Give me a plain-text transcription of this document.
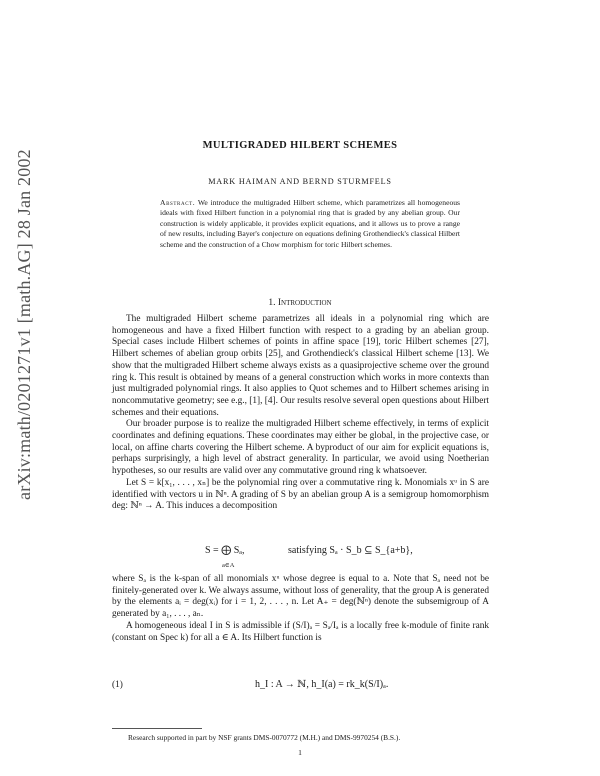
arXiv:math/0201271v1 [math.AG] 28 Jan 2002
MULTIGRADED HILBERT SCHEMES
MARK HAIMAN AND BERND STURMFELS
Abstract. We introduce the multigraded Hilbert scheme, which parametrizes all homogeneous ideals with fixed Hilbert function in a polynomial ring that is graded by any abelian group. Our construction is widely applicable, it provides explicit equations, and it allows us to prove a range of new results, including Bayer's conjecture on equations defining Grothendieck's classical Hilbert scheme and the construction of a Chow morphism for toric Hilbert schemes.
1. Introduction

The multigraded Hilbert scheme parametrizes all ideals in a polynomial ring which are homogeneous and have a fixed Hilbert function with respect to a grading by an abelian group. Special cases include Hilbert schemes of points in affine space [19], toric Hilbert schemes [27], Hilbert schemes of abelian group orbits [25], and Grothendieck's classical Hilbert scheme [13]. We show that the multigraded Hilbert scheme always exists as a quasiprojective scheme over the ground ring k. This result is obtained by means of a general construction which works in more contexts than just multigraded polynomial rings. It also applies to Quot schemes and to Hilbert schemes arising in noncommutative geometry; see e.g., [1], [4]. Our results resolve several open questions about Hilbert schemes and their equations.

Our broader purpose is to realize the multigraded Hilbert scheme effectively, in terms of explicit coordinates and defining equations. These coordinates may either be global, in the projective case, or local, on affine charts covering the Hilbert scheme. A byproduct of our aim for explicit equations is, perhaps surprisingly, a high level of abstract generality. In particular, we avoid using Noetherian hypotheses, so our results are valid over any commutative ground ring k whatsoever.

Let S = k[x₁, . . . , xₙ] be the polynomial ring over a commutative ring k. Monomials xᵘ in S are identified with vectors u in ℕⁿ. A grading of S by an abelian group A is a semigroup homomorphism deg: ℕⁿ → A. This induces a decomposition

S = ⨁ Sₐ,
a∈A
satisfying Sₐ · S_b ⊆ S_{a+b},

where Sₐ is the k-span of all monomials xᵘ whose degree is equal to a. Note that Sₐ need not be finitely-generated over k. We always assume, without loss of generality, that the group A is generated by the elements aᵢ = deg(xᵢ) for i = 1, 2, . . . , n. Let A₊ = deg(ℕⁿ) denote the subsemigroup of A generated by a₁, . . . , aₙ.

A homogeneous ideal I in S is admissible if (S/I)ₐ = Sₐ/Iₐ is a locally free k-module of finite rank (constant on Spec k) for all a ∈ A. Its Hilbert function is

(1)	h_I : A → ℕ, h_I(a) = rk_k(S/I)ₐ.
Research supported in part by NSF grants DMS-0070772 (M.H.) and DMS-9970254 (B.S.).
1
